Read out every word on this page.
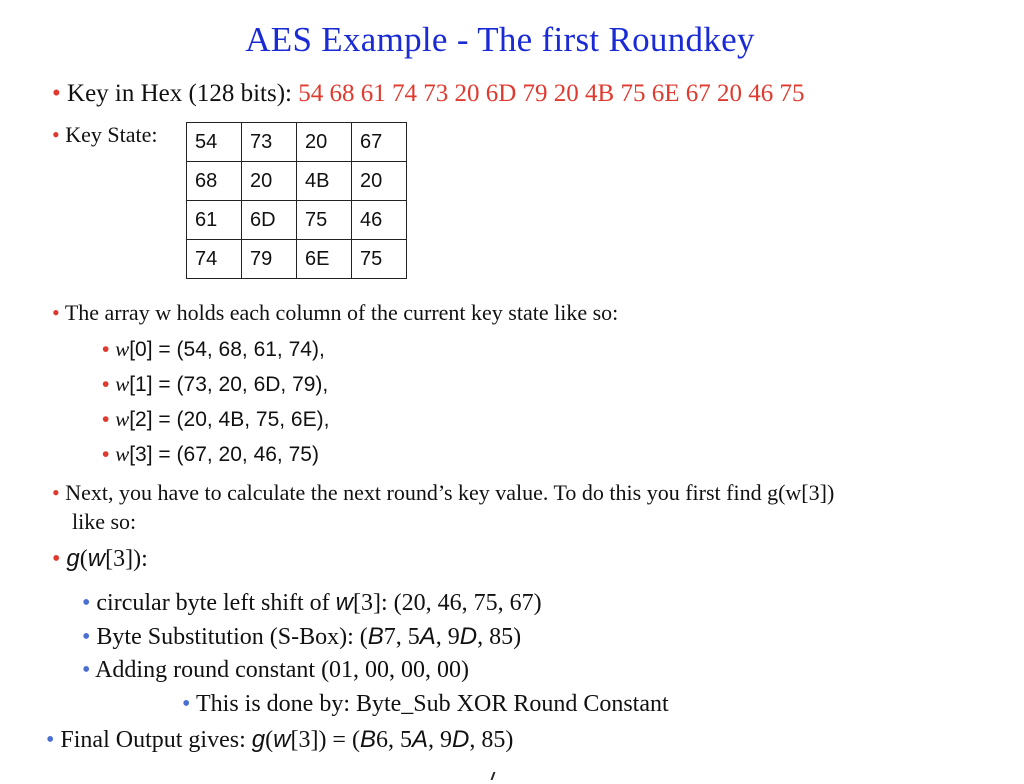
AES Example - The first Roundkey
• Key in Hex (128 bits): 54 68 61 74 73 20 6D 79 20 4B 75 6E 67 20 46 75
• Key State: 54	73	20	67
68	20	4B	20
61	6D	75	46
74	79	6E	75
• The array w holds each column of the current key state like so:
• w[0] = (54, 68, 61, 74),
• w[1] = (73, 20, 6D, 79),
• w[2] = (20, 4B, 75, 6E),
• w[3] = (67, 20, 46, 75)
• Next, you have to calculate the next round’s key value. To do this you first find g(w[3])
like so:
• g(w[3]):
• circular byte left shift of w[3]: (20, 46, 75, 67)
• Byte Substitution (S-Box): (B7, 5A, 9D, 85)
• Adding round constant (01, 00, 00, 00)
• This is done by: Byte_Sub XOR Round Constant
• Final Output gives: g(w[3]) = (B6, 5A, 9D, 85)
